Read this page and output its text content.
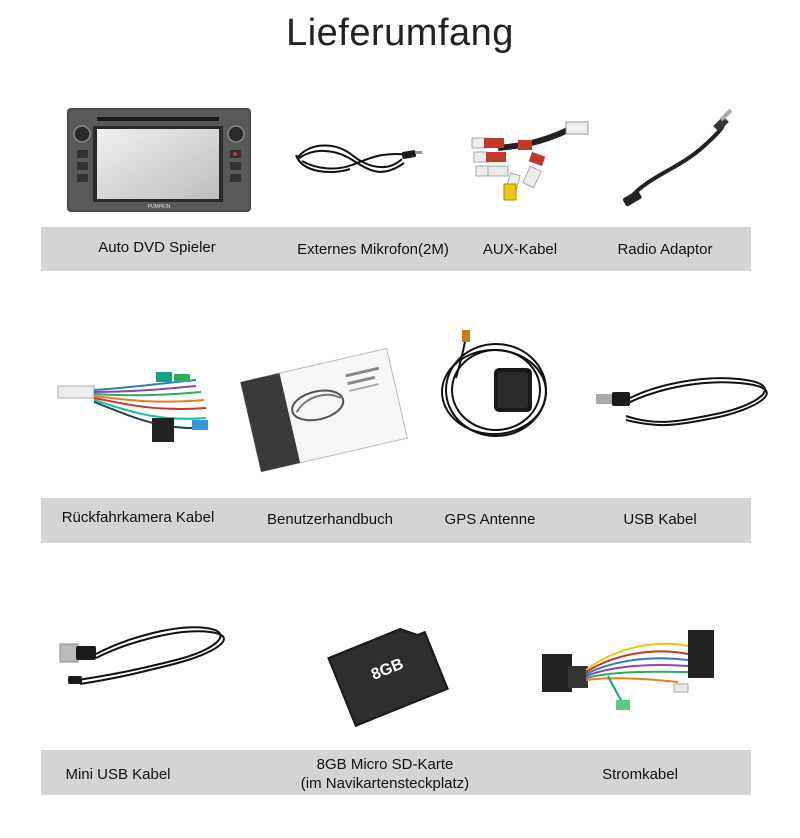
Lieferumfang
PUMPKIN
Auto DVD Spieler	Externes Mikrofon(2M)	AUX-Kabel	Radio Adaptor
Rückfahrkamera Kabel	Benutzerhandbuch	GPS Antenne	USB Kabel
8GB
Mini USB Kabel
8GB Micro SD-Karte
(im Navikartensteckplatz)
Stromkabel
